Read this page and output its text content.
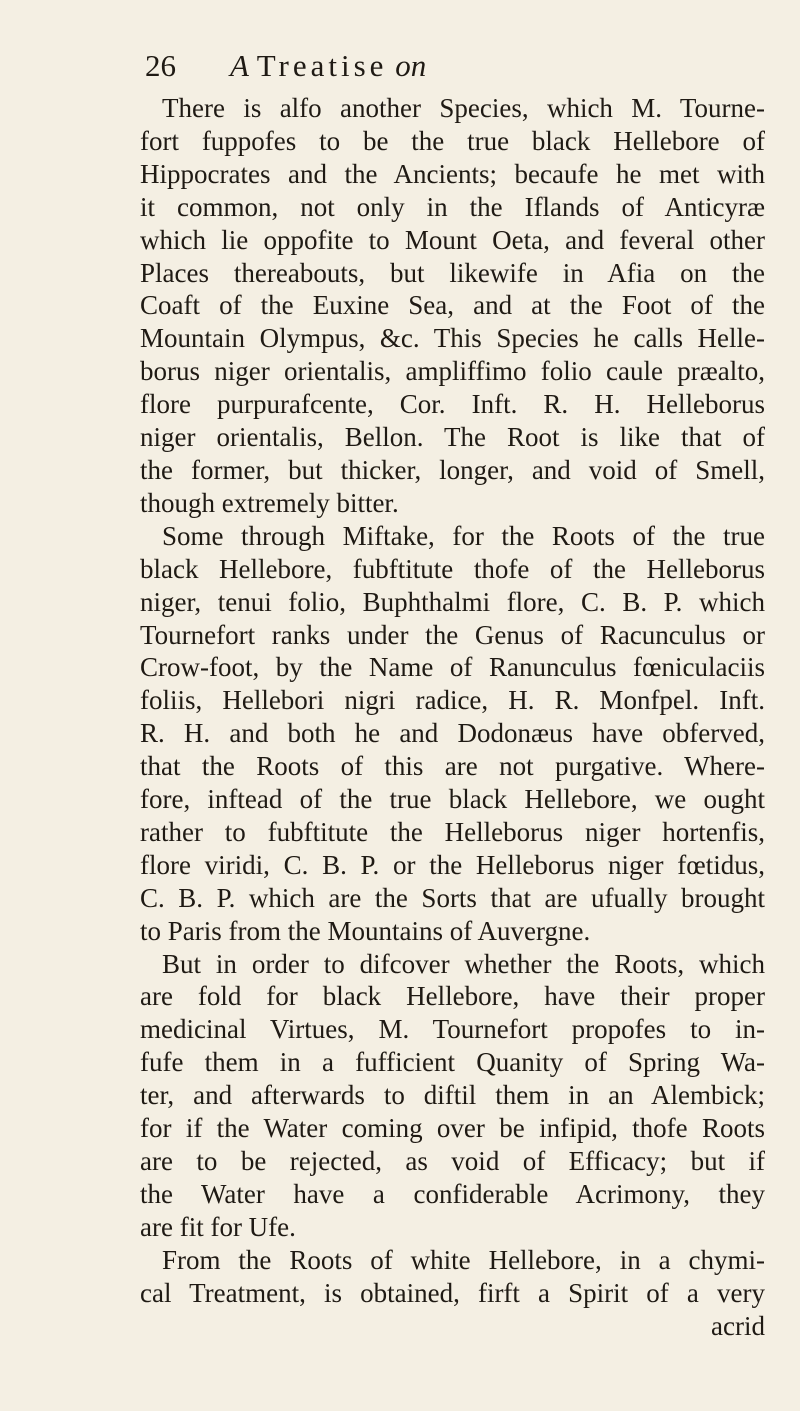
26 A Treatise on
There is alfo another Species, which M. Tourne-
fort fuppofes to be the true black Hellebore of
Hippocrates and the Ancients; becaufe he met with
it common, not only in the Iflands of Anticyræ
which lie oppofite to Mount Oeta, and feveral other
Places thereabouts, but likewife in Afia on the
Coaft of the Euxine Sea, and at the Foot of the
Mountain Olympus, &c. This Species he calls Helle-
borus niger orientalis, ampliffimo folio caule præalto,
flore purpurafcente, Cor. Inft. R. H. Helleborus
niger orientalis, Bellon. The Root is like that of
the former, but thicker, longer, and void of Smell,
though extremely bitter.
Some through Miftake, for the Roots of the true
black Hellebore, fubftitute thofe of the Helleborus
niger, tenui folio, Buphthalmi flore, C. B. P. which
Tournefort ranks under the Genus of Racunculus or
Crow-foot, by the Name of Ranunculus fœniculaciis
foliis, Hellebori nigri radice, H. R. Monfpel. Inft.
R. H. and both he and Dodonæus have obferved,
that the Roots of this are not purgative. Where-
fore, inftead of the true black Hellebore, we ought
rather to fubftitute the Helleborus niger hortenfis,
flore viridi, C. B. P. or the Helleborus niger fœtidus,
C. B. P. which are the Sorts that are ufually brought
to Paris from the Mountains of Auvergne.
But in order to difcover whether the Roots, which
are fold for black Hellebore, have their proper
medicinal Virtues, M. Tournefort propofes to in-
fufe them in a fufficient Quanity of Spring Wa-
ter, and afterwards to diftil them in an Alembick;
for if the Water coming over be infipid, thofe Roots
are to be rejected, as void of Efficacy; but if
the Water have a confiderable Acrimony, they
are fit for Ufe.
From the Roots of white Hellebore, in a chymi-
cal Treatment, is obtained, firft a Spirit of a very
acrid
